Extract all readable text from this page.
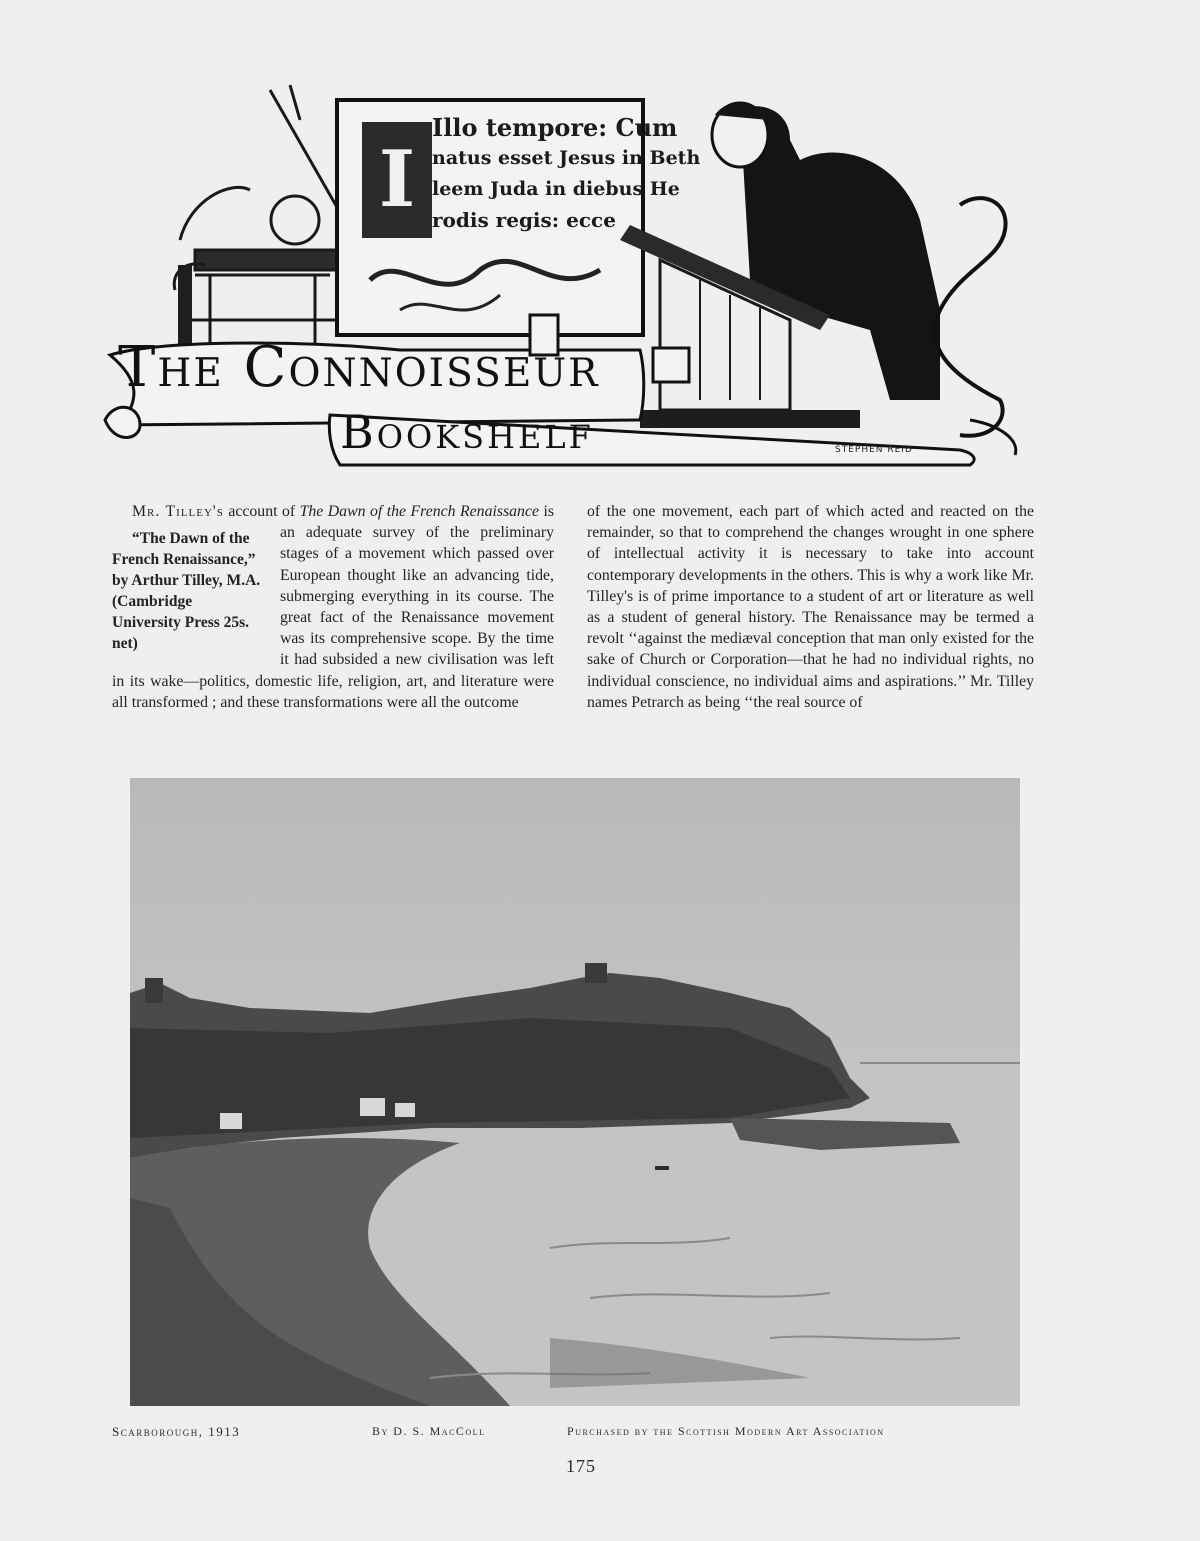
I
Illo tempore: Cum
natus esset Jesus in Beth
leem Juda in diebus He
rodis regis: ecce
The Connoisseur
Bookshelf	STEPHEN REID

Mr. Tilley's account of The Dawn of the French Renaissance
“The Dawn of the French Renaissance,” by Arthur Tilley, M.A. (Cambridge University Press 25s. net)
is an adequate survey of the preliminary stages of a movement which passed over European thought like an advancing tide, submerging everything in its course. The great fact of the Renaissance movement was its comprehensive scope. By the time it had subsided a new civilisation was left in its wake—politics, domestic life, religion, art, and literature were all transformed ; and these transformations were all the outcome

of the one movement, each part of which acted and reacted on the remainder, so that to comprehend the changes wrought in one sphere of intellectual activity it is necessary to take into account contemporary developments in the others. This is why a work like Mr. Tilley's is of prime importance to a student of art or literature as well as a student of general history. The Renaissance may be termed a revolt ‘‘against the mediæval conception that man only existed for the sake of Church or Corporation—that he had no individual rights, no individual conscience, no individual aims and aspirations.’’ Mr. Tilley names Petrarch as being ‘‘the real source of

Scarborough, 1913	By D. S. MacColl	Purchased by the Scottish Modern Art Association
175
